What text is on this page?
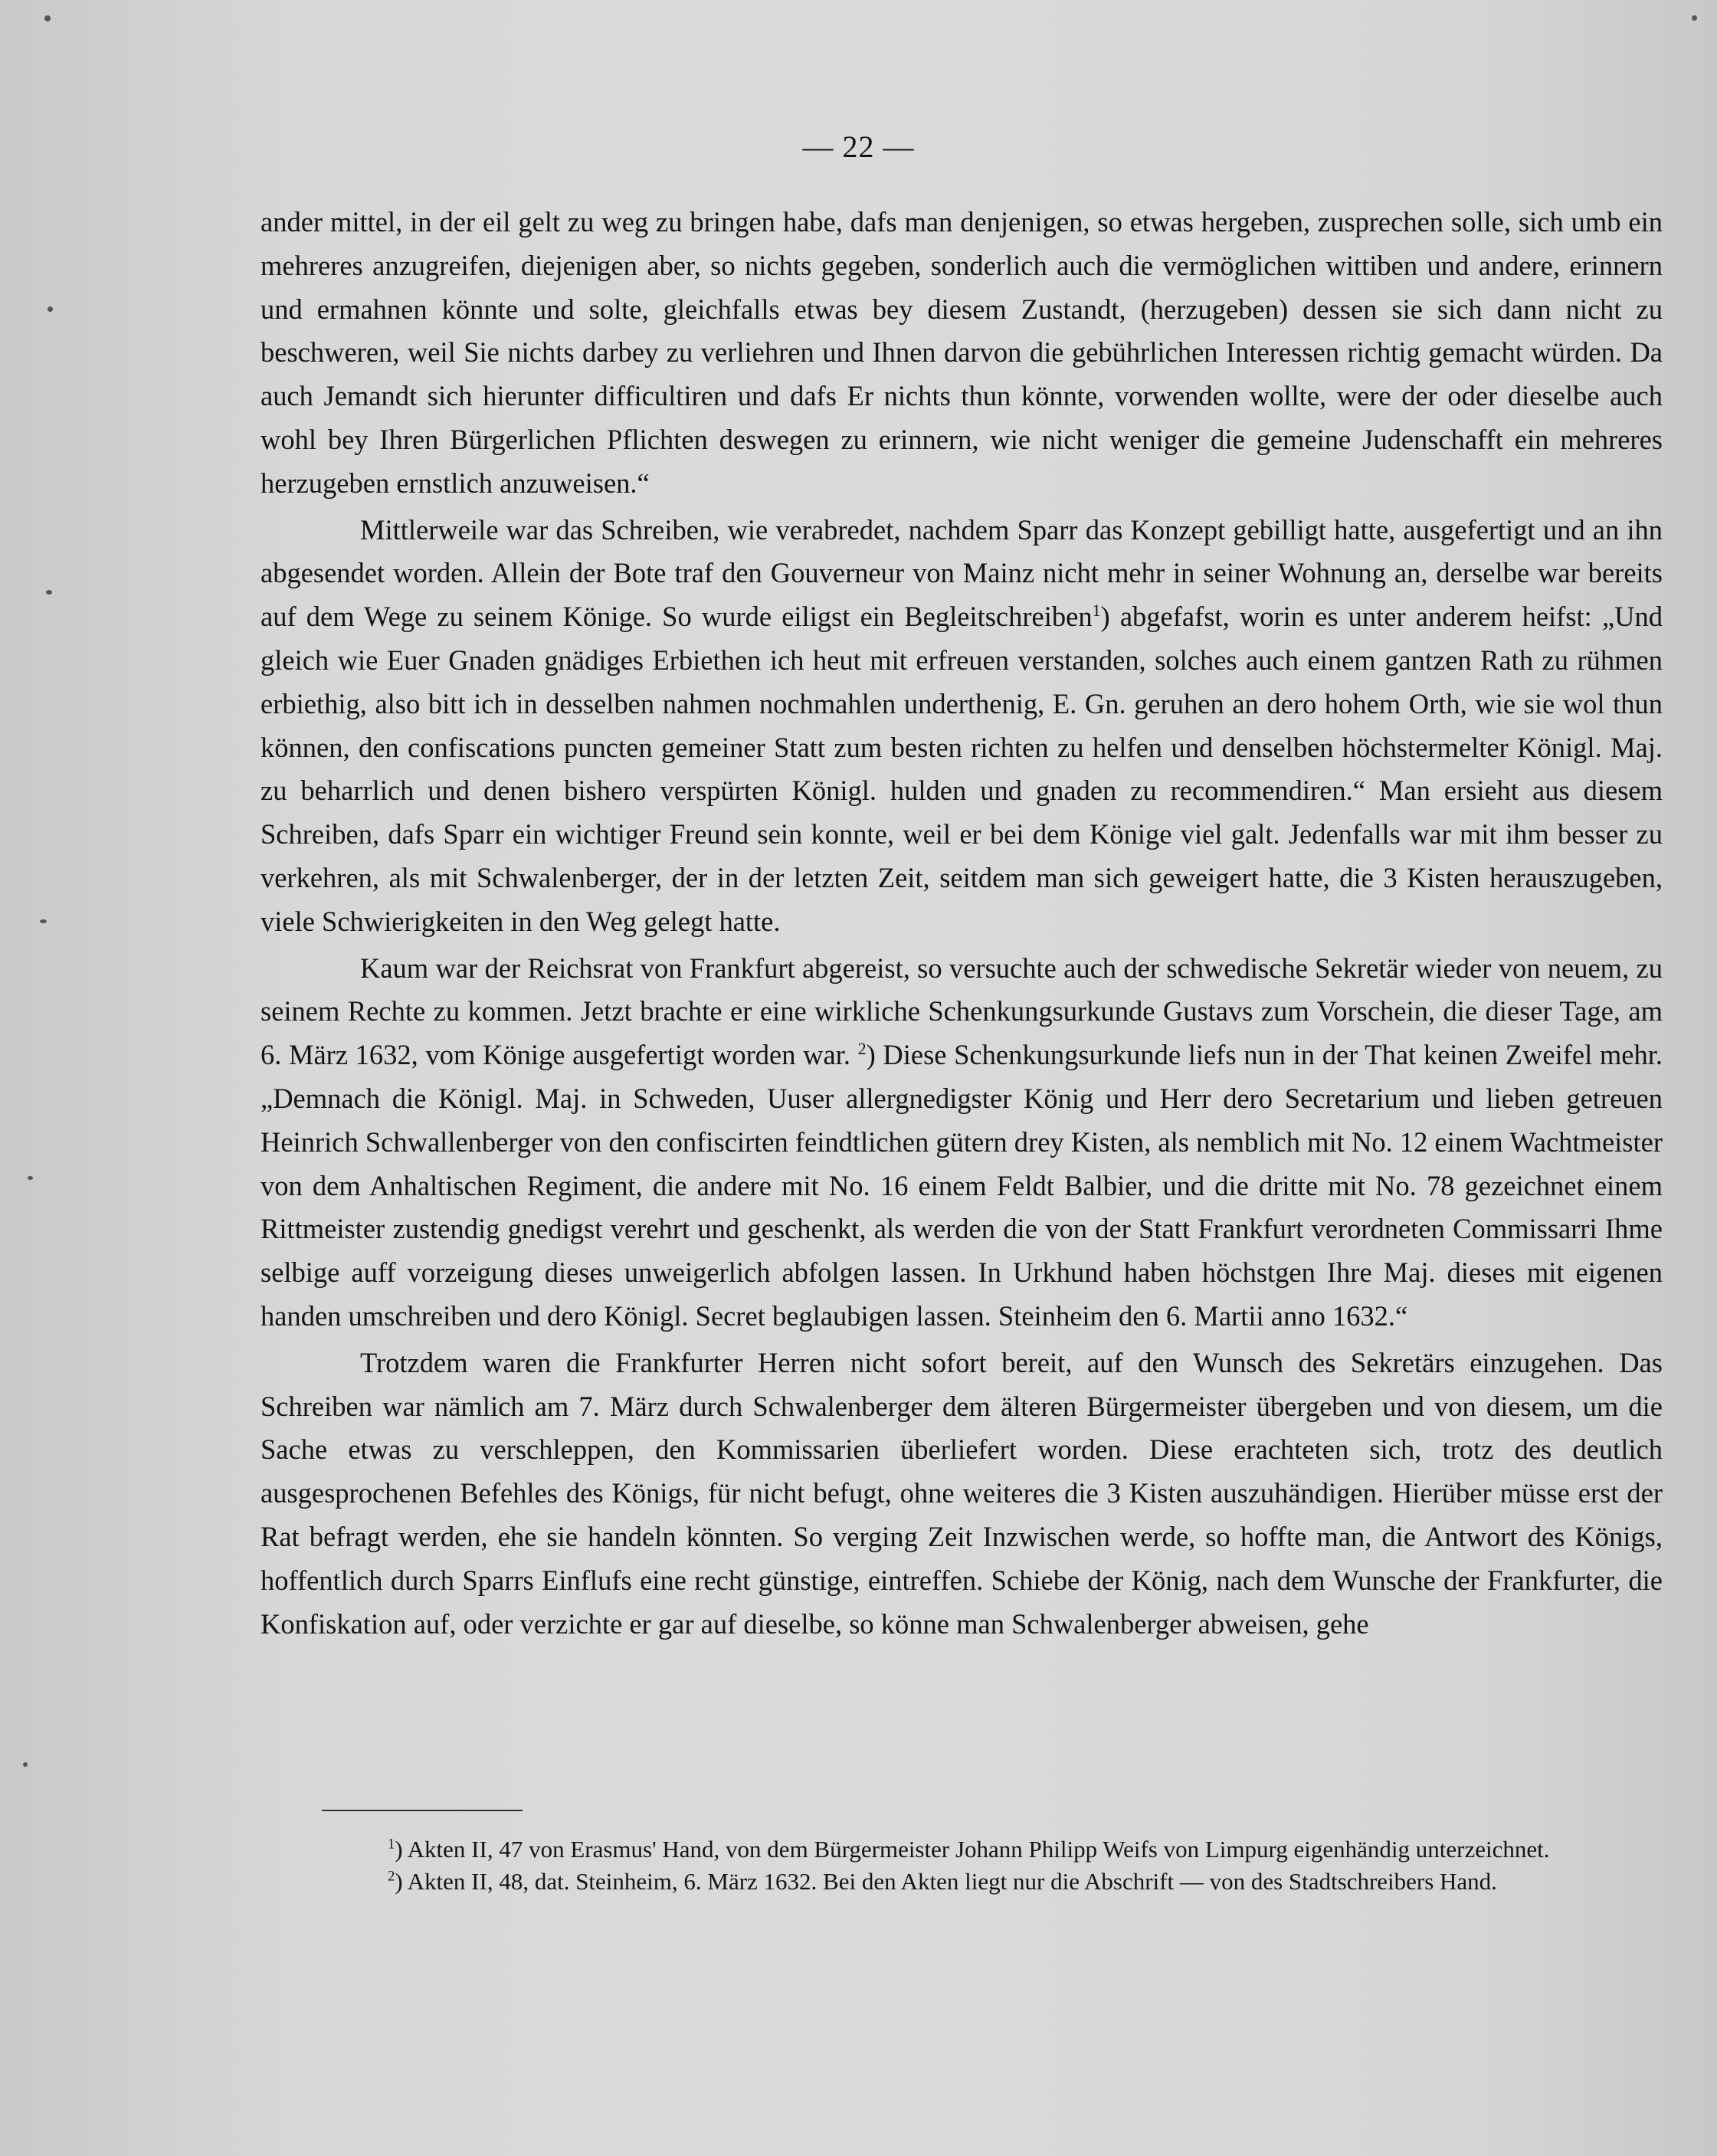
— 22 —

ander mittel, in der eil gelt zu weg zu bringen habe, dafs man denjenigen, so etwas hergeben, zusprechen solle, sich umb ein mehreres anzugreifen, diejenigen aber, so nichts gegeben, sonderlich auch die vermöglichen wittiben und andere, erinnern und ermahnen könnte und solte, gleichfalls etwas bey diesem Zustandt, (herzugeben) dessen sie sich dann nicht zu beschweren, weil Sie nichts darbey zu verliehren und Ihnen darvon die gebührlichen Interessen richtig gemacht würden. Da auch Jemandt sich hierunter difficultiren und dafs Er nichts thun könnte, vorwenden wollte, were der oder dieselbe auch wohl bey Ihren Bürgerlichen Pflichten deswegen zu erinnern, wie nicht weniger die gemeine Judenschafft ein mehreres herzugeben ernstlich anzuweisen.“

Mittlerweile war das Schreiben, wie verabredet, nachdem Sparr das Konzept gebilligt hatte, ausgefertigt und an ihn abgesendet worden. Allein der Bote traf den Gouverneur von Mainz nicht mehr in seiner Wohnung an, derselbe war bereits auf dem Wege zu seinem Könige. So wurde eiligst ein Begleitschreiben$^1$) abgefafst, worin es unter anderem heifst: „Und gleich wie Euer Gnaden gnädiges Erbiethen ich heut mit erfreuen verstanden, solches auch einem gantzen Rath zu rühmen erbiethig, also bitt ich in desselben nahmen nochmahlen underthenig, E. Gn. geruhen an dero hohem Orth, wie sie wol thun können, den confiscations puncten gemeiner Statt zum besten richten zu helfen und denselben höchstermelter Königl. Maj. zu beharrlich und denen bishero verspürten Königl. hulden und gnaden zu recommendiren.“ Man ersieht aus diesem Schreiben, dafs Sparr ein wichtiger Freund sein konnte, weil er bei dem Könige viel galt. Jedenfalls war mit ihm besser zu verkehren, als mit Schwalenberger, der in der letzten Zeit, seitdem man sich geweigert hatte, die 3 Kisten herauszugeben, viele Schwierigkeiten in den Weg gelegt hatte.

Kaum war der Reichsrat von Frankfurt abgereist, so versuchte auch der schwedische Sekretär wieder von neuem, zu seinem Rechte zu kommen. Jetzt brachte er eine wirkliche Schenkungsurkunde Gustavs zum Vorschein, die dieser Tage, am 6. März 1632, vom Könige ausgefertigt worden war. $^2$) Diese Schenkungsurkunde liefs nun in der That keinen Zweifel mehr. „Demnach die Königl. Maj. in Schweden, Uuser allergnedigster König und Herr dero Secretarium und lieben getreuen Heinrich Schwallenberger von den confiscirten feindtlichen gütern drey Kisten, als nemblich mit No. 12 einem Wachtmeister von dem Anhaltischen Regiment, die andere mit No. 16 einem Feldt Balbier, und die dritte mit No. 78 gezeichnet einem Rittmeister zustendig gnedigst verehrt und geschenkt, als werden die von der Statt Frankfurt verordneten Commissarri Ihme selbige auff vorzeigung dieses unweigerlich abfolgen lassen. In Urkhund haben höchstgen Ihre Maj. dieses mit eigenen handen umschreiben und dero Königl. Secret beglaubigen lassen. Steinheim den 6. Martii anno 1632.“

Trotzdem waren die Frankfurter Herren nicht sofort bereit, auf den Wunsch des Sekretärs einzugehen. Das Schreiben war nämlich am 7. März durch Schwalenberger dem älteren Bürgermeister übergeben und von diesem, um die Sache etwas zu verschleppen, den Kommissarien überliefert worden. Diese erachteten sich, trotz des deutlich ausgesprochenen Befehles des Königs, für nicht befugt, ohne weiteres die 3 Kisten auszuhändigen. Hierüber müsse erst der Rat befragt werden, ehe sie handeln könnten. So verging Zeit Inzwischen werde, so hoffte man, die Antwort des Königs, hoffentlich durch Sparrs Einflufs eine recht günstige, eintreffen. Schiebe der König, nach dem Wunsche der Frankfurter, die Konfiskation auf, oder verzichte er gar auf dieselbe, so könne man Schwalenberger abweisen, gehe

$^1$) Akten II, 47 von Erasmus' Hand, von dem Bürgermeister Johann Philipp Weifs von Limpurg eigenhändig unterzeichnet.

$^2$) Akten II, 48, dat. Steinheim, 6. März 1632. Bei den Akten liegt nur die Abschrift — von des Stadtschreibers Hand.
